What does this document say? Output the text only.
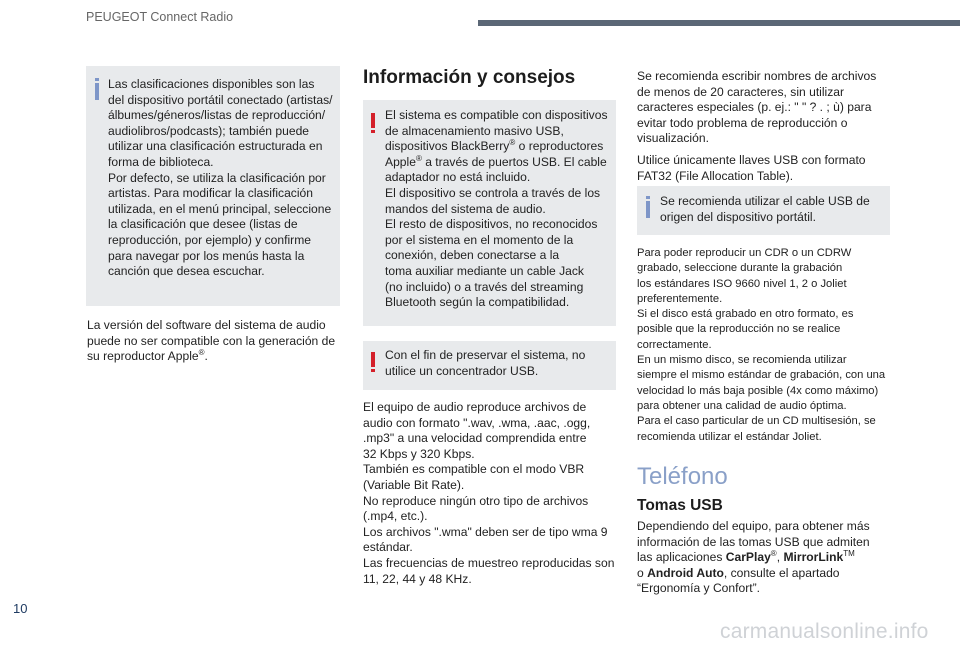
PEUGEOT Connect Radio
Las clasificaciones disponibles son las
del dispositivo portátil conectado (artistas/
álbumes/géneros/listas de reproducción/
audiolibros/podcasts); también puede
utilizar una clasificación estructurada en
forma de biblioteca.
Por defecto, se utiliza la clasificación por
artistas. Para modificar la clasificación
utilizada, en el menú principal, seleccione
la clasificación que desee (listas de
reproducción, por ejemplo) y confirme
para navegar por los menús hasta la
canción que desea escuchar.
La versión del software del sistema de audio
puede no ser compatible con la generación de
su reproductor Apple®.
Información y consejos
El sistema es compatible con dispositivos
de almacenamiento masivo USB,
dispositivos BlackBerry® o reproductores
Apple® a través de puertos USB. El cable
adaptador no está incluido.
El dispositivo se controla a través de los
mandos del sistema de audio.
El resto de dispositivos, no reconocidos
por el sistema en el momento de la
conexión, deben conectarse a la
toma auxiliar mediante un cable Jack
(no incluido) o a través del streaming
Bluetooth según la compatibilidad.
Con el fin de preservar el sistema, no
utilice un concentrador USB.
El equipo de audio reproduce archivos de
audio con formato ".wav, .wma, .aac, .ogg,
.mp3" a una velocidad comprendida entre
32 Kbps y 320 Kbps.
También es compatible con el modo VBR
(Variable Bit Rate).
No reproduce ningún otro tipo de archivos
(.mp4, etc.).
Los archivos ".wma" deben ser de tipo wma 9
estándar.
Las frecuencias de muestreo reproducidas son
11, 22, 44 y 48 KHz.
Se recomienda escribir nombres de archivos
de menos de 20 caracteres, sin utilizar
caracteres especiales (p. ej.: " " ? . ; ù) para
evitar todo problema de reproducción o
visualización.
Utilice únicamente llaves USB con formato
FAT32 (File Allocation Table).
Se recomienda utilizar el cable USB de
origen del dispositivo portátil.
Para poder reproducir un CDR o un CDRW
grabado, seleccione durante la grabación
los estándares ISO 9660 nivel 1, 2 o Joliet
preferentemente.
Si el disco está grabado en otro formato, es
posible que la reproducción no se realice
correctamente.
En un mismo disco, se recomienda utilizar
siempre el mismo estándar de grabación, con una
velocidad lo más baja posible (4x como máximo)
para obtener una calidad de audio óptima.
Para el caso particular de un CD multisesión, se
recomienda utilizar el estándar Joliet.
Teléfono
Tomas USB
Dependiendo del equipo, para obtener más
información de las tomas USB que admiten
las aplicaciones CarPlay®, MirrorLink™
o Android Auto, consulte el apartado
“Ergonomía y Confort”.
10
carmanualsonline.info
